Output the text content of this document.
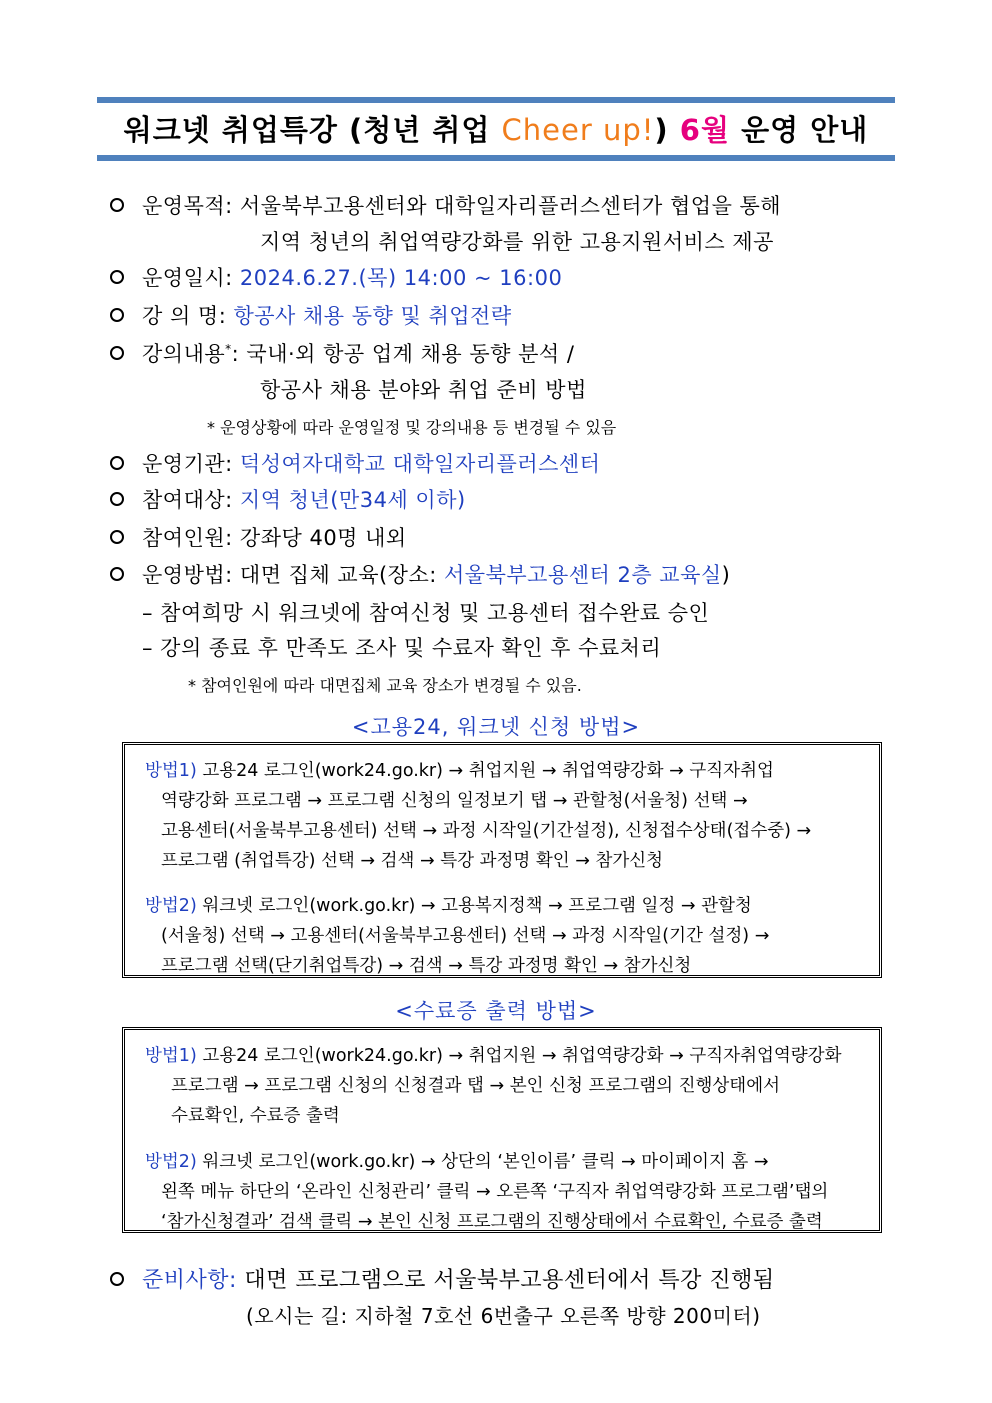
워크넷 취업특강 (청년 취업 Cheer up!) 6월 운영 안내
운영목적: 서울북부고용센터와 대학일자리플러스센터가 협업을 통해
지역 청년의 취업역량강화를 위한 고용지원서비스 제공
운영일시: 2024.6.27.(목) 14:00 ~ 16:00
강 의 명: 항공사 채용 동향 및 취업전략
강의내용*: 국내·외 항공 업계 채용 동향 분석 /
항공사 채용 분야와 취업 준비 방법
* 운영상황에 따라 운영일정 및 강의내용 등 변경될 수 있음
운영기관: 덕성여자대학교 대학일자리플러스센터
참여대상: 지역 청년(만34세 이하)
참여인원: 강좌당 40명 내외
운영방법: 대면 집체 교육(장소: 서울북부고용센터 2층 교육실)
– 참여희망 시 워크넷에 참여신청 및 고용센터 접수완료 승인
– 강의 종료 후 만족도 조사 및 수료자 확인 후 수료처리
* 참여인원에 따라 대면집체 교육 장소가 변경될 수 있음.
<고용24, 워크넷 신청 방법>
방법1) 고용24 로그인(work24.go.kr) → 취업지원 → 취업역량강화 → 구직자취업
역량강화 프로그램 → 프로그램 신청의 일정보기 탭 → 관할청(서울청) 선택 →
고용센터(서울북부고용센터) 선택 → 과정 시작일(기간설정), 신청접수상태(접수중) →
프로그램 (취업특강) 선택 → 검색 → 특강 과정명 확인 → 참가신청
방법2) 워크넷 로그인(work.go.kr) → 고용복지정책 → 프로그램 일정 → 관할청
(서울청) 선택 → 고용센터(서울북부고용센터) 선택 → 과정 시작일(기간 설정) →
프로그램 선택(단기취업특강) → 검색 → 특강 과정명 확인 → 참가신청
<수료증 출력 방법>
방법1) 고용24 로그인(work24.go.kr) → 취업지원 → 취업역량강화 → 구직자취업역량강화
프로그램 → 프로그램 신청의 신청결과 탭 → 본인 신청 프로그램의 진행상태에서
수료확인, 수료증 출력
방법2) 워크넷 로그인(work.go.kr) → 상단의 ‘본인이름’ 클릭 → 마이페이지 홈 →
왼쪽 메뉴 하단의 ‘온라인 신청관리’ 클릭 → 오른쪽 ‘구직자 취업역량강화 프로그램’탭의
‘참가신청결과’ 검색 클릭 → 본인 신청 프로그램의 진행상태에서 수료확인, 수료증 출력
준비사항: 대면 프로그램으로 서울북부고용센터에서 특강 진행됨
(오시는 길: 지하철 7호선 6번출구 오른쪽 방향 200미터)
